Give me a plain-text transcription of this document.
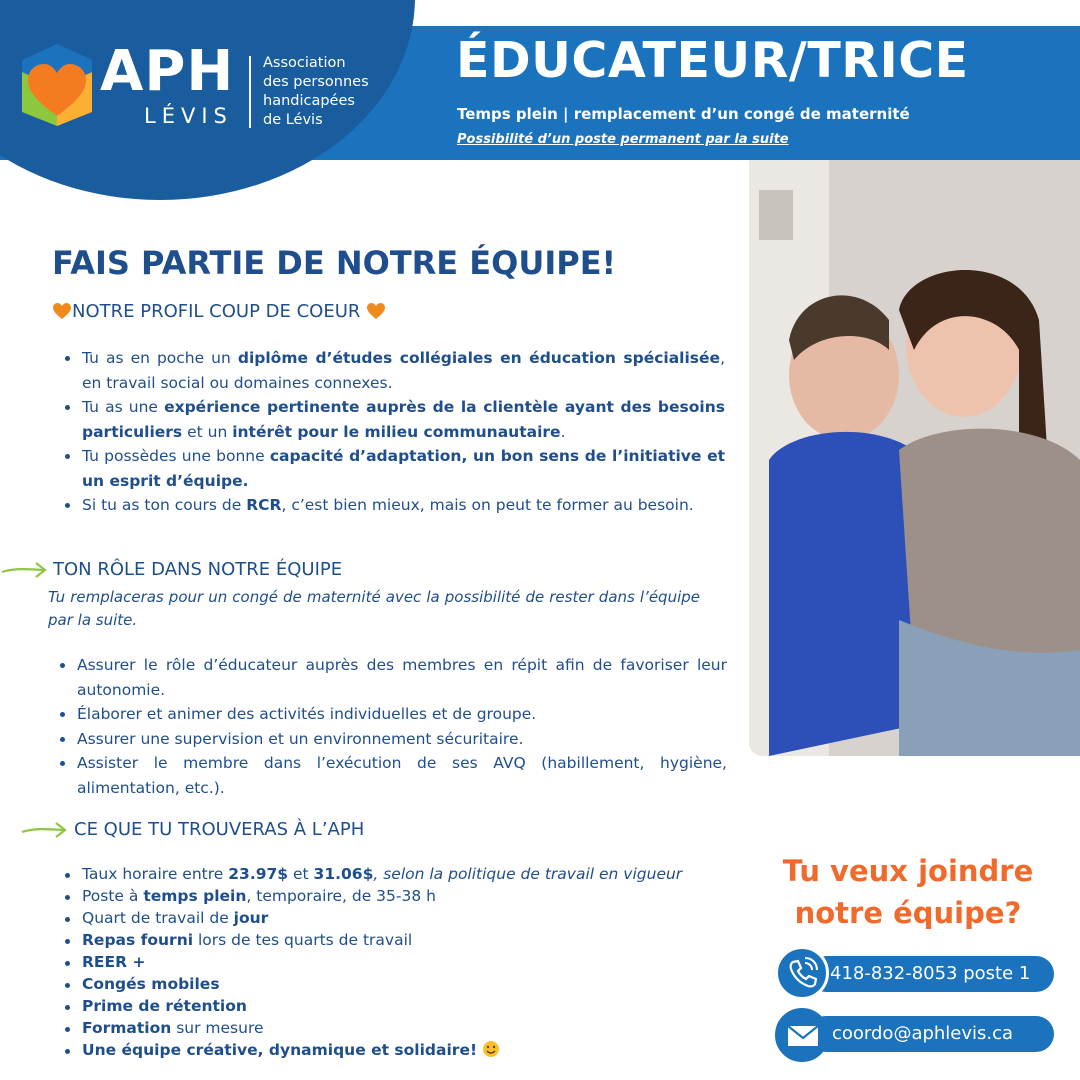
APH
LÉVIS
Association
des personnes
handicapées
de Lévis
ÉDUCATEUR/TRICE
Temps plein | remplacement d’un congé de maternité
Possibilité d’un poste permanent par la suite
FAIS PARTIE DE NOTRE ÉQUIPE!
NOTRE PROFIL COUP DE COEUR
Tu as en poche un diplôme d’études collégiales en éducation spécialisée, en travail social ou domaines connexes.
Tu as une expérience pertinente auprès de la clientèle ayant des besoins particuliers et un intérêt pour le milieu communautaire.
Tu possèdes une bonne capacité d’adaptation, un bon sens de l’initiative et un esprit d’équipe.
Si tu as ton cours de RCR, c’est bien mieux, mais on peut te former au besoin.
TON RÔLE DANS NOTRE ÉQUIPE
Tu remplaceras pour un congé de maternité avec la possibilité de rester dans l’équipe par la suite.
Assurer le rôle d’éducateur auprès des membres en répit afin de favoriser leur autonomie.
Élaborer et animer des activités individuelles et de groupe.
Assurer une supervision et un environnement sécuritaire.
Assister le membre dans l’exécution de ses AVQ (habillement, hygiène, alimentation, etc.).
CE QUE TU TROUVERAS À L’APH
Taux horaire entre 23.97$ et 31.06$, selon la politique de travail en vigueur
Poste à temps plein, temporaire, de 35-38 h
Quart de travail de jour
Repas fourni lors de tes quarts de travail
REER +
Congés mobiles
Prime de rétention
Formation sur mesure
Une équipe créative, dynamique et solidaire!
Tu veux joindre
notre équipe?
418-832-8053 poste 1
coordo@aphlevis.ca
